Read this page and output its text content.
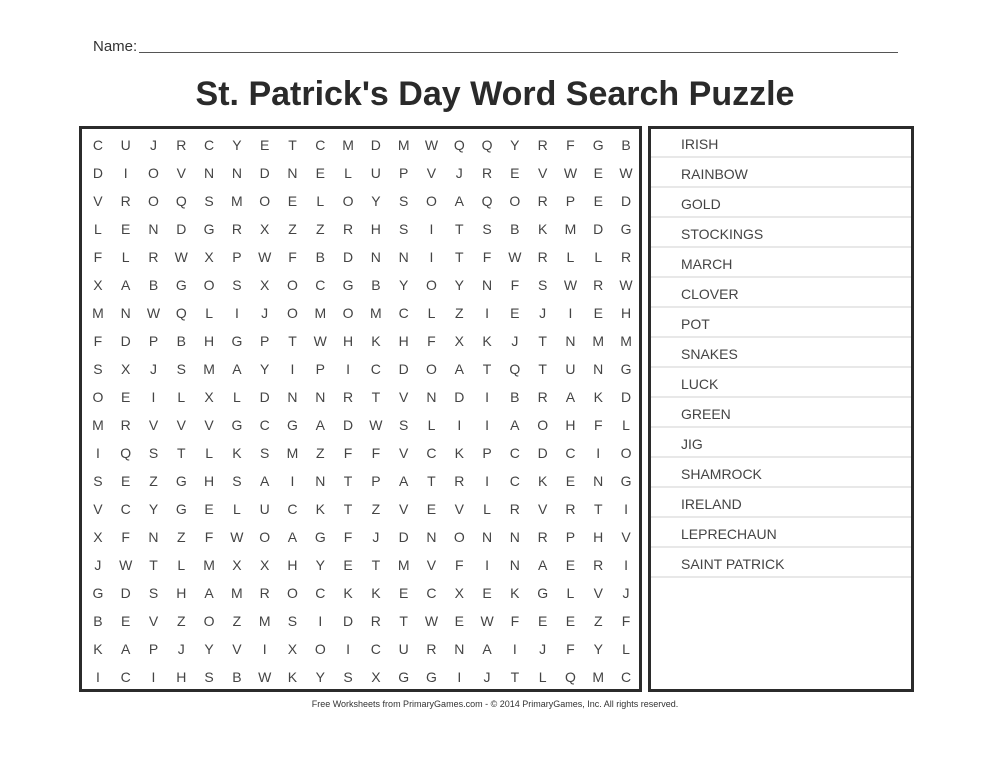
Name:
St. Patrick's Day Word Search Puzzle
C	U	J	R	C	Y	E	T	C	M	D	M	W	Q	Q	Y	R	F	G	B
D	I	O	V	N	N	D	N	E	L	U	P	V	J	R	E	V	W	E	W
V	R	O	Q	S	M	O	E	L	O	Y	S	O	A	Q	O	R	P	E	D
L	E	N	D	G	R	X	Z	Z	R	H	S	I	T	S	B	K	M	D	G
F	L	R	W	X	P	W	F	B	D	N	N	I	T	F	W	R	L	L	R
X	A	B	G	O	S	X	O	C	G	B	Y	O	Y	N	F	S	W	R	W
M	N	W	Q	L	I	J	O	M	O	M	C	L	Z	I	E	J	I	E	H
F	D	P	B	H	G	P	T	W	H	K	H	F	X	K	J	T	N	M	M
S	X	J	S	M	A	Y	I	P	I	C	D	O	A	T	Q	T	U	N	G
O	E	I	L	X	L	D	N	N	R	T	V	N	D	I	B	R	A	K	D
M	R	V	V	V	G	C	G	A	D	W	S	L	I	I	A	O	H	F	L
I	Q	S	T	L	K	S	M	Z	F	F	V	C	K	P	C	D	C	I	O
S	E	Z	G	H	S	A	I	N	T	P	A	T	R	I	C	K	E	N	G
V	C	Y	G	E	L	U	C	K	T	Z	V	E	V	L	R	V	R	T	I
X	F	N	Z	F	W	O	A	G	F	J	D	N	O	N	N	R	P	H	V
J	W	T	L	M	X	X	H	Y	E	T	M	V	F	I	N	A	E	R	I
G	D	S	H	A	M	R	O	C	K	K	E	C	X	E	K	G	L	V	J
B	E	V	Z	O	Z	M	S	I	D	R	T	W	E	W	F	E	E	Z	F
K	A	P	J	Y	V	I	X	O	I	C	U	R	N	A	I	J	F	Y	L
I	C	I	H	S	B	W	K	Y	S	X	G	G	I	J	T	L	Q	M	C
IRISH
RAINBOW
GOLD
STOCKINGS
MARCH
CLOVER
POT
SNAKES
LUCK
GREEN
JIG
SHAMROCK
IRELAND
LEPRECHAUN
SAINT PATRICK
Free Worksheets from PrimaryGames.com - © 2014 PrimaryGames, Inc. All rights reserved.
